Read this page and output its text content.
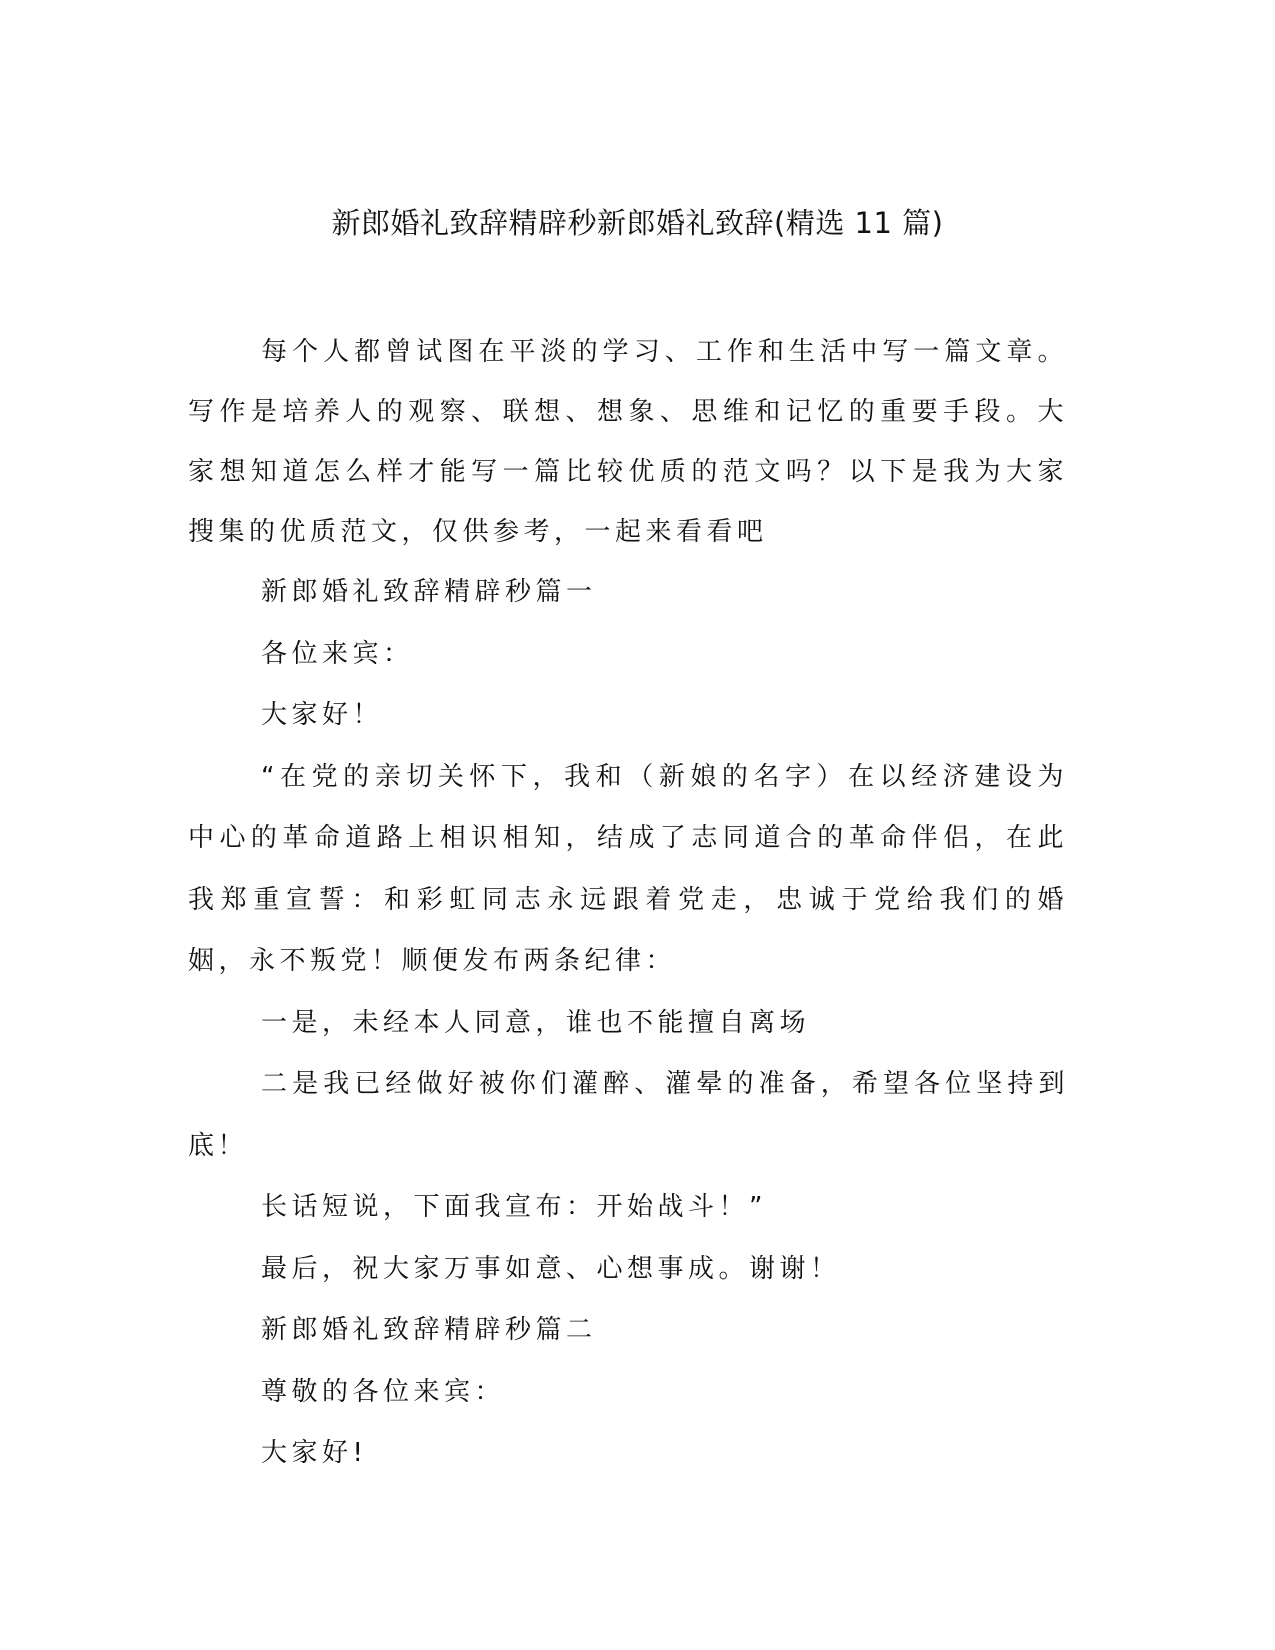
新郎婚礼致辞精辟秒新郎婚礼致辞(精选 11 篇)

每个人都曾试图在平淡的学习、工作和生活中写一篇文章。写作是培养人的观察、联想、想象、思维和记忆的重要手段。大家想知道怎么样才能写一篇比较优质的范文吗？以下是我为大家搜集的优质范文，仅供参考，一起来看看吧

新郎婚礼致辞精辟秒篇一

各位来宾：

大家好！

“在党的亲切关怀下，我和（新娘的名字）在以经济建设为中心的革命道路上相识相知，结成了志同道合的革命伴侣，在此我郑重宣誓：和彩虹同志永远跟着党走，忠诚于党给我们的婚姻，永不叛党！顺便发布两条纪律：

一是，未经本人同意，谁也不能擅自离场

二是我已经做好被你们灌醉、灌晕的准备，希望各位坚持到底！

长话短说，下面我宣布：开始战斗！”

最后，祝大家万事如意、心想事成。谢谢！

新郎婚礼致辞精辟秒篇二

尊敬的各位来宾：

大家好!
